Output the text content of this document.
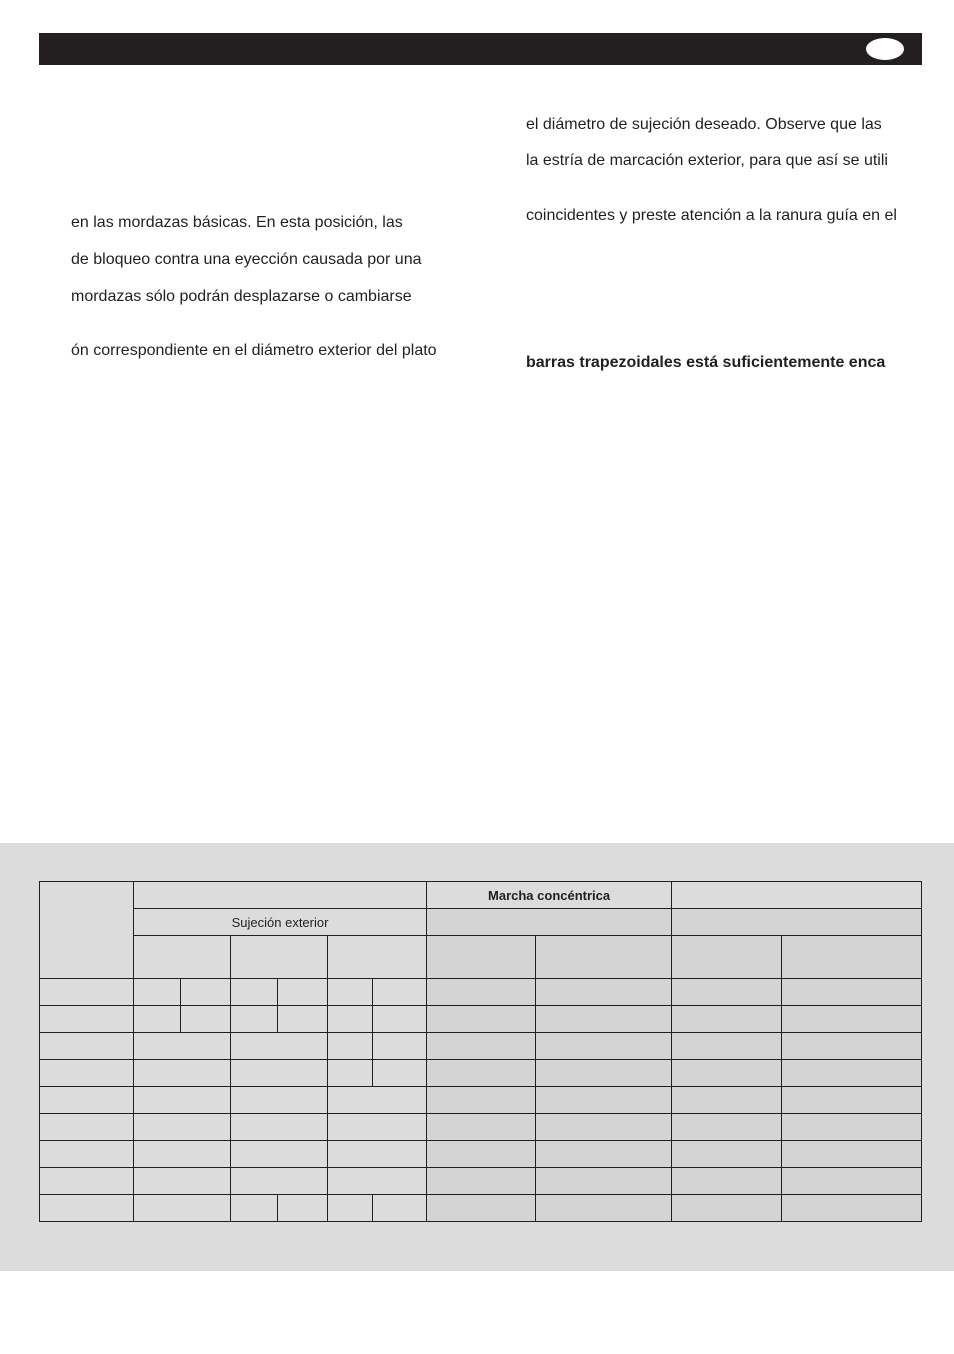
en las mordazas básicas. En esta posición, las
de bloqueo contra una eyección causada por una
mordazas sólo podrán desplazarse o cambiarse
ón correspondiente en el diámetro exterior del plato
el diámetro de sujeción deseado. Observe que las
la estría de marcación exterior, para que así se utili
coincidentes y preste atención a la ranura guía en el
barras trapezoidales está suficientemente enca
							Marcha concéntrica			
	Sujeción exterior									
